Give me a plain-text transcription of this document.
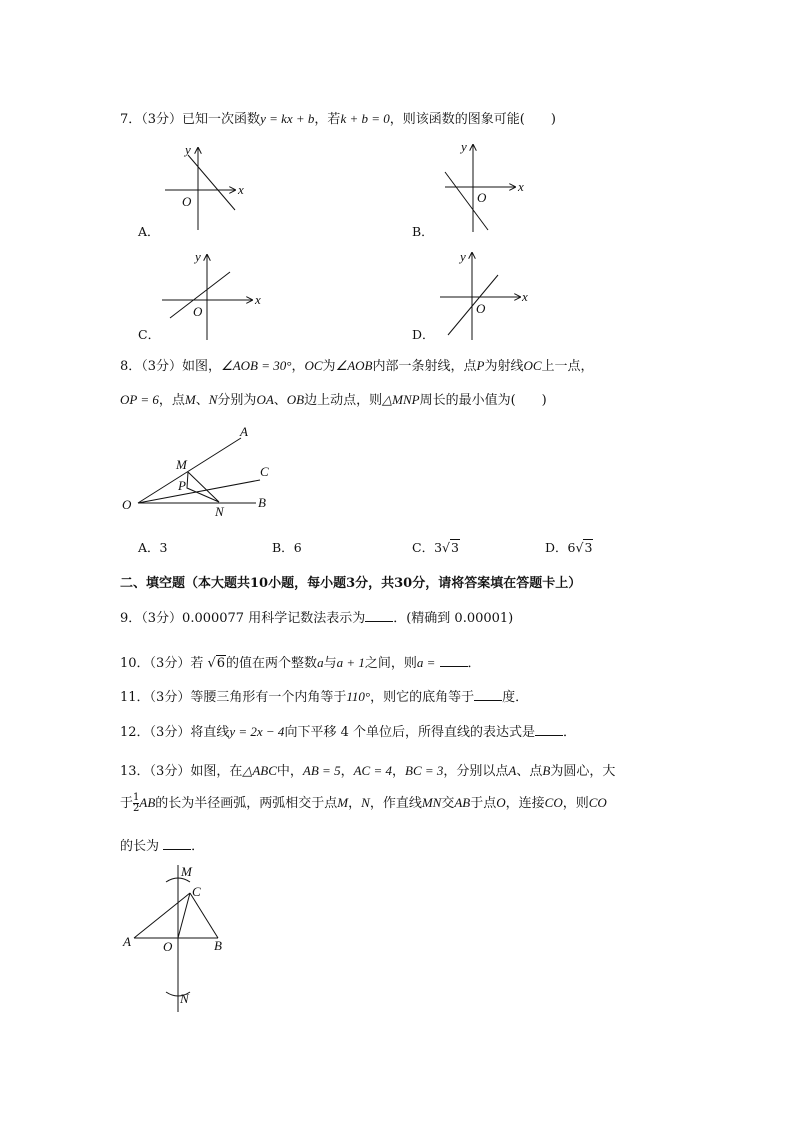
7．（3分）已知一次函数y = kx + b，若k + b = 0，则该函数的图象可能(　　)
x
y
O
A．
x
y
O
B．
x
y
O
C．
x
y
O
D．
8．（3分）如图，∠AOB = 30°，OC为∠AOB内部一条射线，点P为射线OC上一点，
OP = 6，点M、N分别为OA、OB边上动点，则△MNP周长的最小值为(　　)
A
C
B
O
M
P
N
A．3	B．6	C．3√3	D．6√3
二、填空题（本大题共10小题，每小题3分，共30分，请将答案填在答题卡上）
9．（3分）0.000077 用科学记数法表示为 ．(精确到 0.00001)
10．（3分）若 √6的值在两个整数a与a + 1之间，则a = ．
11．（3分）等腰三角形有一个内角等于110°，则它的底角等于 度．
12．（3分）将直线y = 2x − 4向下平移 4 个单位后，所得直线的表达式是 ．
13．（3分）如图，在△ABC中，AB = 5，AC = 4，BC = 3，分别以点A、点B为圆心，大
于 $\frac{1}{2}$ AB的长为半径画弧，两弧相交于点M，N，作直线MN交AB于点O，连接CO，则CO
的长为 ．
M
C
A O	B
N
